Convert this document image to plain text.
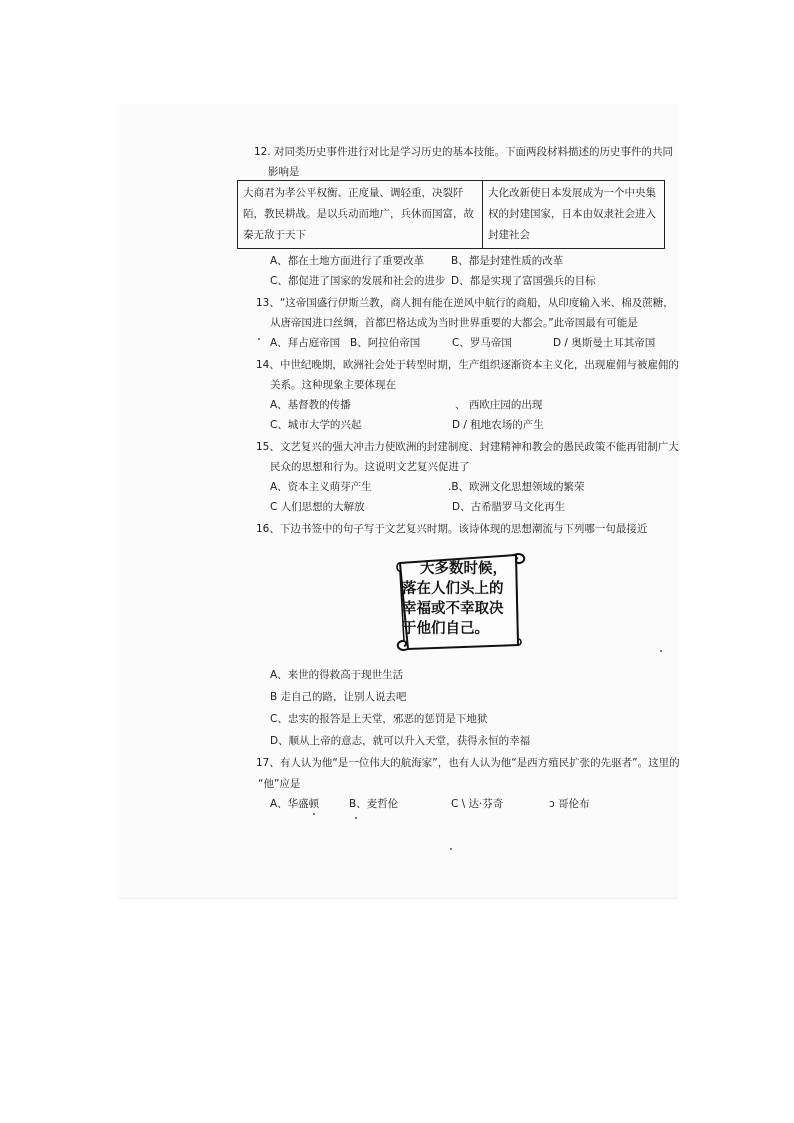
12. 对同类历史事件进行对比是学习历史的基本技能。下面两段材料描述的历史事件的共同
影响是
大商君为孝公平权衡、正度量、调轻重，决裂阡陌，教民耕战。是以兵动而地广，兵休而国富，故秦无敌于天下	大化改新使日本发展成为一个中央集权的封建国家，日本由奴隶社会进入封建社会
A、都在土地方面进行了重要改革	B、都是封建性质的改革
C、都促进了国家的发展和社会的进步 D、都是实现了富国强兵的目标
13、“这帝国盛行伊斯兰教，商人拥有能在逆风中航行的商船，从印度输入米、棉及蔗糖，
从唐帝国进口丝绸，首都巴格达成为当时世界重要的大都会。”此帝国最有可能是
A、拜占庭帝国 B、阿拉伯帝国	C、罗马帝国	D / 奥斯曼土耳其帝国
14、中世纪晚期，欧洲社会处于转型时期，生产组织逐渐资本主义化，出现雇佣与被雇佣的
关系。这种现象主要体现在
A、基督教的传播	、 西欧庄园的出现
C、城市大学的兴起	D / 租地农场的产生
15、文艺复兴的强大冲击力使欧洲的封建制度、封建精神和教会的愚民政策不能再钳制广大
民众的思想和行为。这说明文艺复兴促进了
A、资本主义萌芽产生	.B、欧洲文化思想领域的繁荣
C 人们思想的大解放	D、古希腊罗马文化再生
16、下边书签中的句子写于文艺复兴时期。该诗体现的思想潮流与下列哪一句最接近
大多数时候，
落在人们头上的
幸福或不幸取决
于他们自己。
A、来世的得救高于现世生活
B 走自己的路，让别人说去吧
C、忠实的报答是上天堂，邪恶的惩罚是下地狱
D、顺从上帝的意志，就可以升入天堂，获得永恒的幸福
17、有人认为他“是一位伟大的航海家”，也有人认为他“是西方殖民扩张的先驱者”。这里的
“他”应是
A、华盛顿	B、麦哲伦	C \ 达·芬奇	ↄ 哥伦布
